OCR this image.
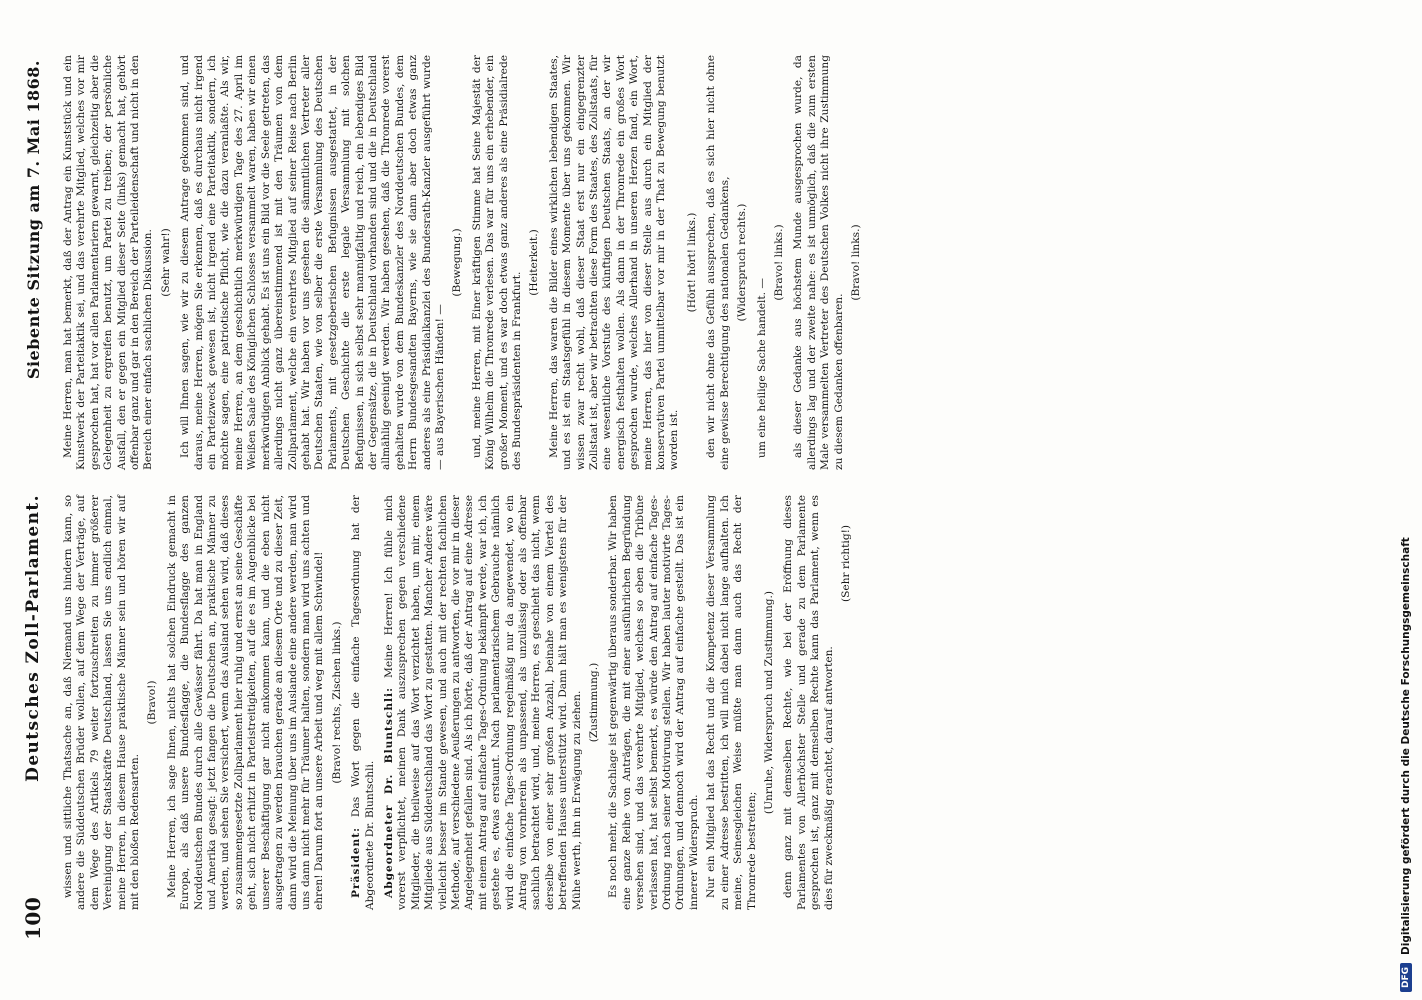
100
Deutsches Zoll-Parlament.
Siebente Sitzung am 7. Mai 1868.

wissen und sittliche Thatsache an, daß Niemand uns hindern kann, so andere die Süddeutschen Brüder wollen, auf dem Wege der Verträge, auf dem Wege des Artikels 79 weiter fortzuschreiten zu immer größerer Vereinigung der Staatskräfte Deutschland, lassen Sie uns endlich einmal, meine Herren, in diesem Hause praktische Männer sein und hören wir auf mit den bloßen Redensarten.

(Bravo!) Meine Herren, ich sage Ihnen, nichts hat solchen Eindruck gemacht in Europa, als daß unsere Bundesflagge, die Bundesflagge des ganzen Norddeutschen Bundes durch alle Gewässer fährt. Da hat man in England und Amerika gesagt: jetzt fangen die Deutschen an, praktische Männer zu werden, und sehen Sie versichert, wenn das Ausland sehen wird, daß dieses so zusammengesetzte Zollparlament hier ruhig und ernst an seine Geschäfte geht, sich nicht erhitzt in Parteistreitigkeiten, auf die es im Augenblicke bei unserer Beschäftigung gar nicht ankommen kann, und die eben nicht ausgetragen zu werden brauchen gerade an diesem Orte und zu dieser Zeit, dann wird die Meinung über uns im Auslande eine andere werden, man wird uns dann nicht mehr für Träumer halten, sondern man wird uns achten und ehren! Darum fort an unsere Arbeit und weg mit allem Schwindel! (Bravo! rechts, Zischen links.)

Präsident: Das Wort gegen die einfache Tagesordnung hat der Abgeordnete Dr. Bluntschli. Abgeordneter Dr. Bluntschli: Meine Herren! Ich fühle mich vorerst verpflichtet, meinen Dank auszusprechen gegen verschiedene Mitglieder, die theilweise auf das Wort verzichtet haben, um mir, einem Mitgliede aus Süddeutschland das Wort zu gestatten. Mancher Andere wäre vielleicht besser im Stande gewesen, und auch mit der rechten fachlichen Methode, auf verschiedene Aeußerungen zu antworten, die vor mir in dieser Angelegenheit gefallen sind. Als ich hörte, daß der Antrag auf eine Adresse mit einem Antrag auf einfache Tages-Ordnung bekämpft werde, war ich, ich gestehe es, etwas erstaunt. Nach parlamentarischem Gebrauche nämlich wird die einfache Tages-Ordnung regelmäßig nur da angewendet, wo ein Antrag von vornherein als unpassend, als unzulässig oder als offenbar sachlich betrachtet wird, und, meine Herren, es geschieht das nicht, wenn derselbe von einer sehr großen Anzahl, beinahe von einem Viertel des betreffenden Hauses unterstützt wird. Dann hält man es wenigstens für der Mühe werth, ihn in Erwägung zu ziehen. (Zustimmung.) Es noch mehr, die Sachlage ist gegenwärtig überaus sonderbar. Wir haben eine ganze Reihe von Anträgen, die mit einer ausführlichen Begründung versehen sind, und das verehrte Mitglied, welches so eben die Tribüne verlassen hat, hat selbst bemerkt, es würde den Antrag auf einfache Tages-Ordnung nach seiner Motivirung stellen. Wir haben lauter motivirte Tages-Ordnungen, und dennoch wird der Antrag auf einfache gestellt. Das ist ein innerer Widerspruch. Nur ein Mitglied hat das Recht und die Kompetenz dieser Versammlung zu einer Adresse bestritten, ich will mich dabei nicht lange aufhalten. Ich meine, Seinesgleichen Weise müßte man dann auch das Recht der Thronrede bestreiten;

(Unruhe, Widerspruch und Zustimmung.) denn ganz mit demselben Rechte, wie bei der Eröffnung dieses Parlamentes von Allerhöchster Stelle und gerade zu dem Parlamente gesprochen ist, ganz mit demselben Rechte kann das Parlament, wenn es dies für zweckmäßig erachtet, darauf antworten.

(Sehr richtig!)

Meine Herren, man hat bemerkt, daß der Antrag ein Kunststück und ein Kunstwerk der Parteitaktik sei, und das verehrte Mitglied, welches vor mir gesprochen hat, hat vor allen Parlamentariern gewarnt, gleichzeitig aber die Gelegenheit zu ergreifen benutzt, um Partei zu treiben; der persönliche Ausfall, den er gegen ein Mitglied dieser Seite (links) gemacht hat, gehört offenbar ganz und gar in den Bereich der Parteileidenschaft und nicht in den Bereich einer einfach sachlichen Diskussion. (Sehr wahr!) Ich will Ihnen sagen, wie wir zu diesem Antrage gekommen sind, und daraus, meine Herren, mögen Sie erkennen, daß es durchaus nicht irgend ein Parteizweck gewesen ist, nicht irgend eine Parteitaktik, sondern, ich möchte sagen, eine patriotische Pflicht, wie die dazu veranlaßte. Als wir, meine Herren, an dem geschichtlich merkwürdigen Tage des 27. April im Weißen Saale des Königlichen Schlosses versammelt waren, haben wir einen merkwürdigen Anblick gehabt. Es ist uns ein Bild vor die Seele getreten, das allerdings nicht ganz übereinstimmend ist mit den Träumen von dem Zollparlament, welche ein verehrtes Mitglied auf seiner Reise nach Berlin gehabt hat. Wir haben vor uns gesehen die sämmtlichen Vertreter aller Deutschen Staaten, wie von selber die erste Versammlung des Deutschen Parlaments, mit gesetzgeberischen Befugnissen ausgestattet, in der Deutschen Geschichte die erste legale Versammlung mit solchen Befugnissen, in sich selbst sehr mannigfaltig und reich, ein lebendiges Bild der Gegensätze, die in Deutschland vorhanden sind und die in Deutschland allmählig geeinigt werden. Wir haben gesehen, daß die Thronrede vorerst gehalten wurde von dem Bundeskanzler des Norddeutschen Bundes, dem Herrn Bundesgesandten Bayerns, wie sie dann aber doch etwas ganz anderes als eine Präsidialkanzlei des Bundesrath-Kanzler ausgeführt wurde — aus Bayerischen Händen! —

(Bewegung.) und, meine Herren, mit Einer kräftigen Stimme hat Seine Majestät der König Wilhelm die Thronrede verlesen. Das war für uns ein erhebender, ein großer Moment, und es war doch etwas ganz anderes als eine Präsidialrede des Bundespräsidenten in Frankfurt.

(Heiterkeit.) Meine Herren, das waren die Bilder eines wirklichen lebendigen Staates, und es ist ein Staatsgefühl in diesem Momente über uns gekommen. Wir wissen zwar recht wohl, daß dieser Staat erst nur ein eingegrenzter Zollstaat ist, aber wir betrachten diese Form des Staates, des Zollstaats, für eine wesentliche Vorstufe des künftigen Deutschen Staats, an der wir energisch festhalten wollen. Als dann in der Thronrede ein großes Wort gesprochen wurde, welches Allerhand in unseren Herzen fand, ein Wort, meine Herren, das hier von dieser Stelle aus durch ein Mitglied der konservativen Partei unmittelbar vor mir in der That zu Bewegung benutzt worden ist.

(Hört! hört! links.) den wir nicht ohne das Gefühl aussprechen, daß es sich hier nicht ohne eine gewisse Berechtigung des nationalen Gedankens, (Widerspruch rechts.)

um eine heilige Sache handelt. —

(Bravo! links.) als dieser Gedanke aus höchstem Munde ausgesprochen wurde, da allerdings lag und der zweite nahe: es ist unmöglich, daß die zum ersten Male versammelten Vertreter des Deutschen Volkes nicht ihre Zustimmung zu diesem Gedanken offenbaren.

(Bravo! links.)

DFG
Digitalisierung gefördert durch die Deutsche Forschungsgemeinschaft
